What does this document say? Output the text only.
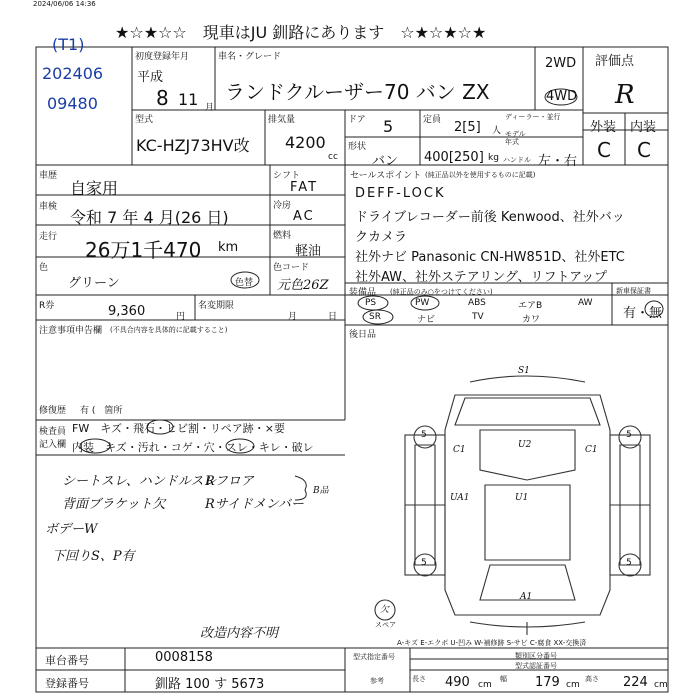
2024/06/06 14:36
★☆★☆☆　現車はJU 釧路にあります　☆★☆★☆★
(T1)
202406
09480
初度登録年月
平成
8 11 月
車名・グレード
ランドクルーザー70 バン ZX
2WD
4WD
評価点
R
外装 内装
C C
型式
KC-HZJ73HV改
排気量
4200
cc
ドア 5
形状
バン
定員 2[5] 人
400[250] kg
ディーラー・並行
モデル年式
ハンドル 左・右
車歴
自家用
車検
令和 7 年 4 月(26 日)
走行
26万1千470 km
色
グリーン	色替
色コード
元色26Z
シフト
FAT
冷房
AC
燃料
軽油
セールスポイント (純正品以外を使用するものに記載)
DEFF-LOCK
ドライブレコーダー前後 Kenwood、社外バッ
クカメラ
社外ナビ Panasonic CN-HW851D、社外ETC
社外AW、社外ステアリング、リフトアップ
装備品 (純正品のみ○をつけてください)
PS	PW	ABS	エアB	AW
SR	ナビ	TV	カワ
新車保証書
有・無
後日品
R券	9,360	円
名変期限
月	日
注意事項申告欄 (不具合内容を具体的に記載すること)
修復歴 有 (　箇所
検査員
記入欄
FW　キズ・飛石・ヒビ割・リペア跡・×要
内装　キズ・汚れ・コゲ・穴・スレ・キレ・破レ
シートスレ、ハンドルスレ
Rフロア
背面ブラケット欠	Rサイドメンバー
B品
ボデーW
下回りS、P有
改造内容不明
S1
U2
C1	C1
UA1	U1
A1
5	5
5	5
欠
スペア
A-キズ E-エクボ U-凹み W-補修跡 S-サビ C-腐食 XX-交換済
車台番号	0008158
登録番号	釧路 100 す 5673
型式指定番号	類別区分番号
型式認証番号
参考	長さ 490 cm
幅 179 cm
高さ 224 cm
